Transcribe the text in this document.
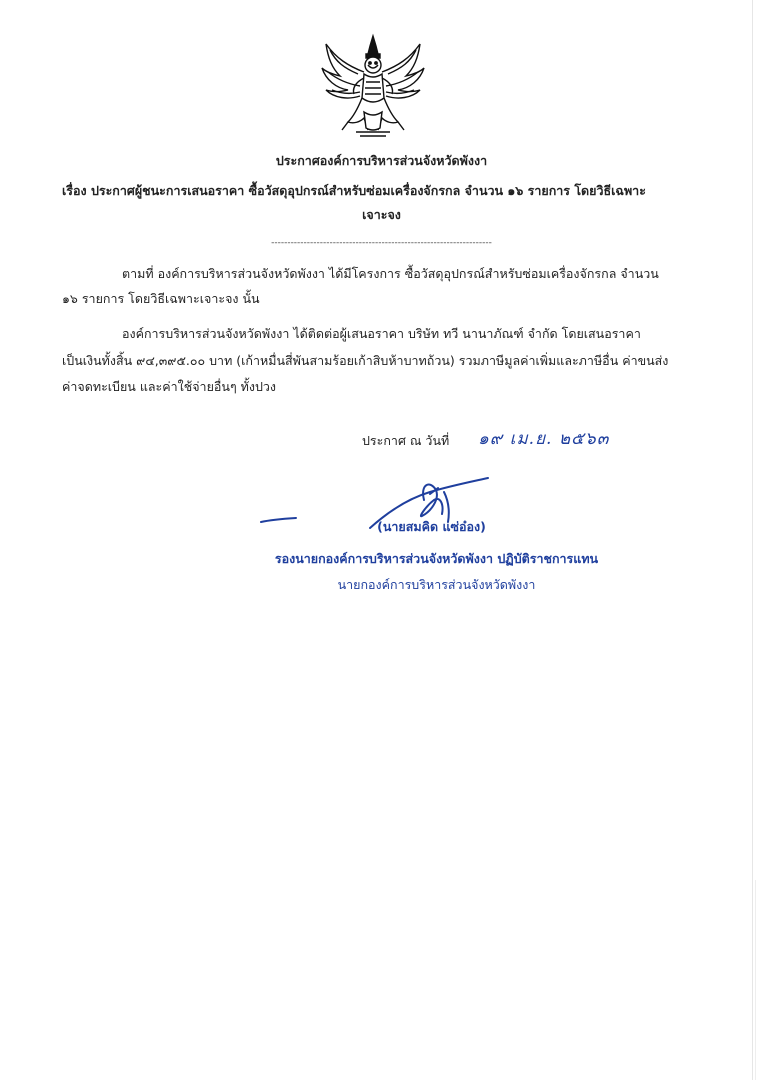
ประกาศองค์การบริหารส่วนจังหวัดพังงา
เรื่อง ประกาศผู้ชนะการเสนอราคา ซื้อวัสดุอุปกรณ์สำหรับซ่อมเครื่องจักรกล จำนวน ๑๖ รายการ โดยวิธีเฉพาะ
เจาะจง
--------------------------------------------------------------------
ตามที่ องค์การบริหารส่วนจังหวัดพังงา ได้มีโครงการ ซื้อวัสดุอุปกรณ์สำหรับซ่อมเครื่องจักรกล จำนวน
๑๖ รายการ โดยวิธีเฉพาะเจาะจง นั้น
องค์การบริหารส่วนจังหวัดพังงา ได้ติดต่อผู้เสนอราคา บริษัท ทวี นานาภัณฑ์ จำกัด โดยเสนอราคา
เป็นเงินทั้งสิ้น ๙๔,๓๙๕.๐๐ บาท (เก้าหมื่นสี่พันสามร้อยเก้าสิบห้าบาทถ้วน) รวมภาษีมูลค่าเพิ่มและภาษีอื่น ค่าขนส่ง
ค่าจดทะเบียน และค่าใช้จ่ายอื่นๆ ทั้งปวง
ประกาศ ณ วันที่ ๑๙ เม.ย. ๒๕๖๓
(นายสมคิด แซ่อ๋อง)
รองนายกองค์การบริหารส่วนจังหวัดพังงา ปฏิบัติราชการแทน
นายกองค์การบริหารส่วนจังหวัดพังงา
